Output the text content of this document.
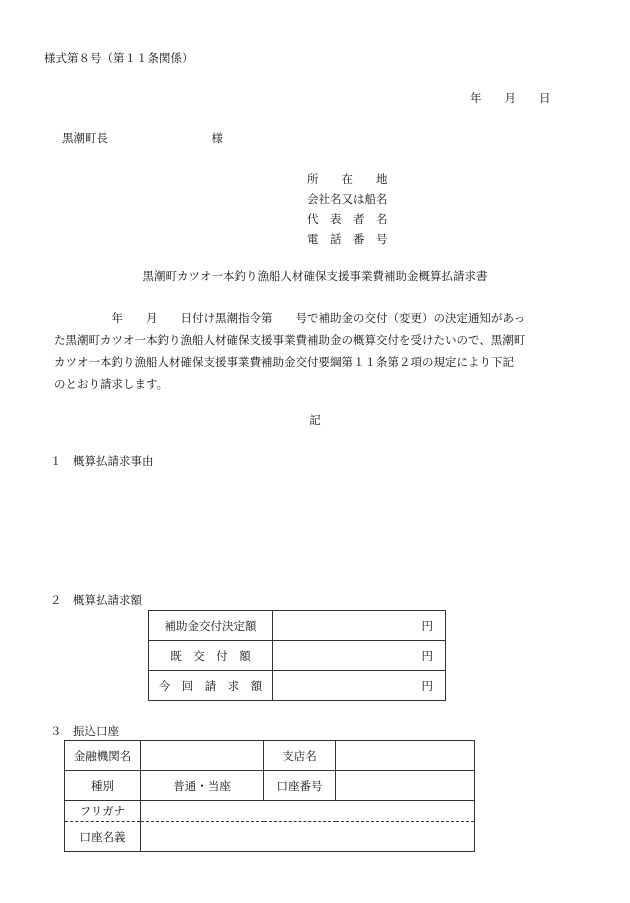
様式第８号（第１１条関係）
年　　月　　日
黒潮町長　　　　　　　　　様
所　　在　　地
会社名又は船名
代　表　者　名
電　話　番　号
黒潮町カツオ一本釣り漁船人材確保支援事業費補助金概算払請求書

　　　　　年　　月　　日付け黒潮指令第　　号で補助金の交付（変更）の決定通知があっ
た黒潮町カツオ一本釣り漁船人材確保支援事業費補助金の概算交付を受けたいので、黒潮町
カツオ一本釣り漁船人材確保支援事業費補助金交付要綱第１１条第２項の規定により下記
のとおり請求します。

記
１　概算払請求事由
２　概算払請求額
補助金交付決定額	円
既　交　付　額	円
今　回　請　求　額	円
３　振込口座
金融機関名		支店名	
種別	普通・当座	口座番号	
フリガナ			
口座名義			
